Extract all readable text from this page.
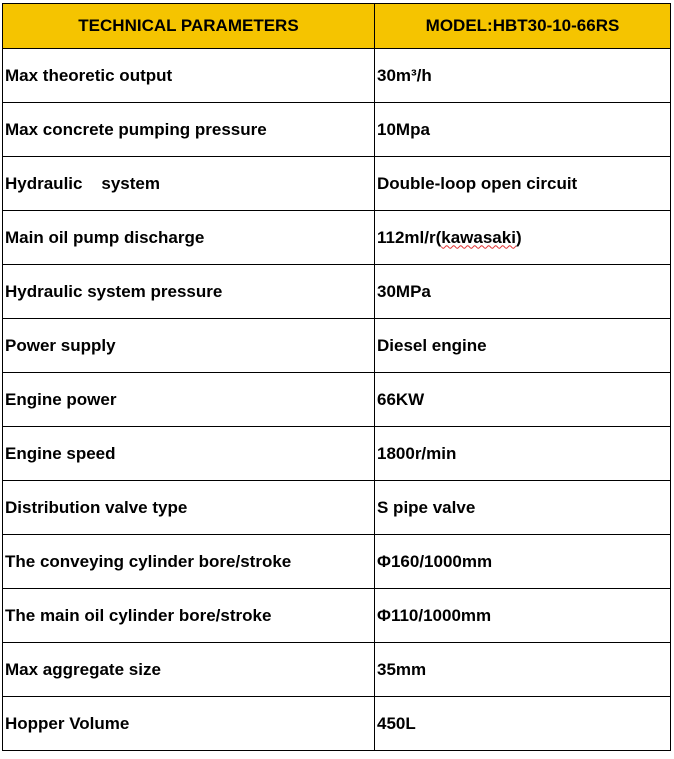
TECHNICAL PARAMETERS	MODEL:HBT30-10-66RS
Max theoretic output	30m³/h
Max concrete pumping pressure	10Mpa
Hydraulic    system	Double-loop open circuit
Main oil pump discharge	112ml/r(kawasaki)
Hydraulic system pressure	30MPa
Power supply	Diesel engine
Engine power	66KW
Engine speed	1800r/min
Distribution valve type	S pipe valve
The conveying cylinder bore/stroke	Φ160/1000mm
The main oil cylinder bore/stroke	Φ110/1000mm
Max aggregate size	35mm
Hopper Volume	450L
